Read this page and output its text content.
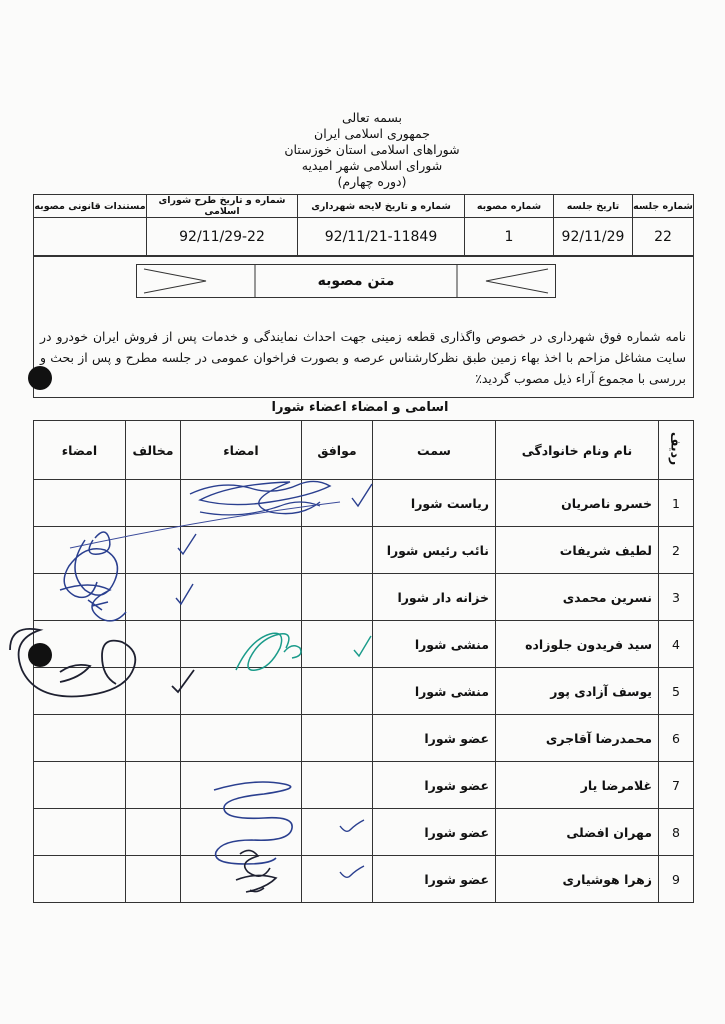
بسمه تعالی
جمهوری اسلامی ایران
شوراهای اسلامی استان خوزستان
شورای اسلامی شهر امیدیه
(دوره چهارم)
شماره جلسه	تاریخ جلسه	شماره مصوبه	شماره و تاریخ لایحه شهرداری	شماره و تاریخ طرح شورای اسلامی	مستندات قانونی مصوبه
22	92/11/29	1	92/11/21-11849	92/11/29-22	
متن مصوبه
نامه شماره فوق شهرداری در خصوص واگذاری قطعه زمینی جهت احداث نمایندگی و خدمات پس از فروش ایران خودرو در سایت مشاغل مزاحم با اخذ بهاء زمین طبق نظرکارشناس عرصه و بصورت فراخوان عمومی در جلسه مطرح و پس از بحث و بررسی با مجموع آراء ذیل مصوب گردید٪
اسامی و امضاء اعضاء شورا
ردیف	نام ونام خانوادگی	سمت	موافق	امضاء	مخالف	امضاء
1	خسرو ناصریان	ریاست شورا				
2	لطیف شریفات	نائب رئیس شورا				
3	نسرین محمدی	خزانه دار شورا				
4	سید فریدون جلوزاده	منشی شورا				
5	یوسف آزادی پور	منشی شورا				
6	محمدرضا آقاجری	عضو شورا				
7	غلامرضا یار	عضو شورا				
8	مهران افضلی	عضو شورا				
9	زهرا هوشیاری	عضو شورا				
